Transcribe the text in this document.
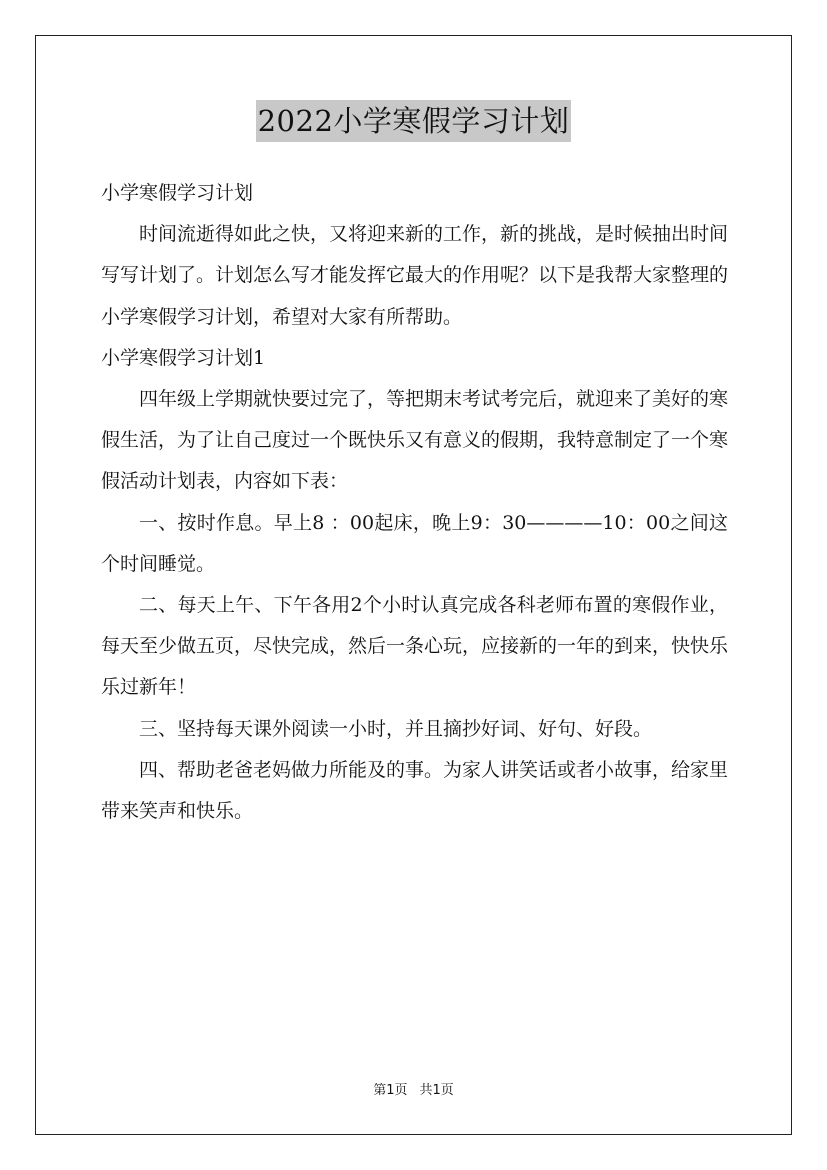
2022小学寒假学习计划

小学寒假学习计划

时间流逝得如此之快，又将迎来新的工作，新的挑战，是时候抽出时间写写计划了。计划怎么写才能发挥它最大的作用呢？以下是我帮大家整理的小学寒假学习计划，希望对大家有所帮助。

小学寒假学习计划1

四年级上学期就快要过完了，等把期末考试考完后，就迎来了美好的寒假生活，为了让自己度过一个既快乐又有意义的假期，我特意制定了一个寒假活动计划表，内容如下表：

一、按时作息。早上8 ：00起床，晚上9：30————10：00之间这个时间睡觉。

二、每天上午、下午各用2个小时认真完成各科老师布置的寒假作业，每天至少做五页，尽快完成，然后一条心玩，应接新的一年的到来，快快乐乐过新年！

三、坚持每天课外阅读一小时，并且摘抄好词、好句、好段。

四、帮助老爸老妈做力所能及的事。为家人讲笑话或者小故事，给家里带来笑声和快乐。

第1页 共1页
